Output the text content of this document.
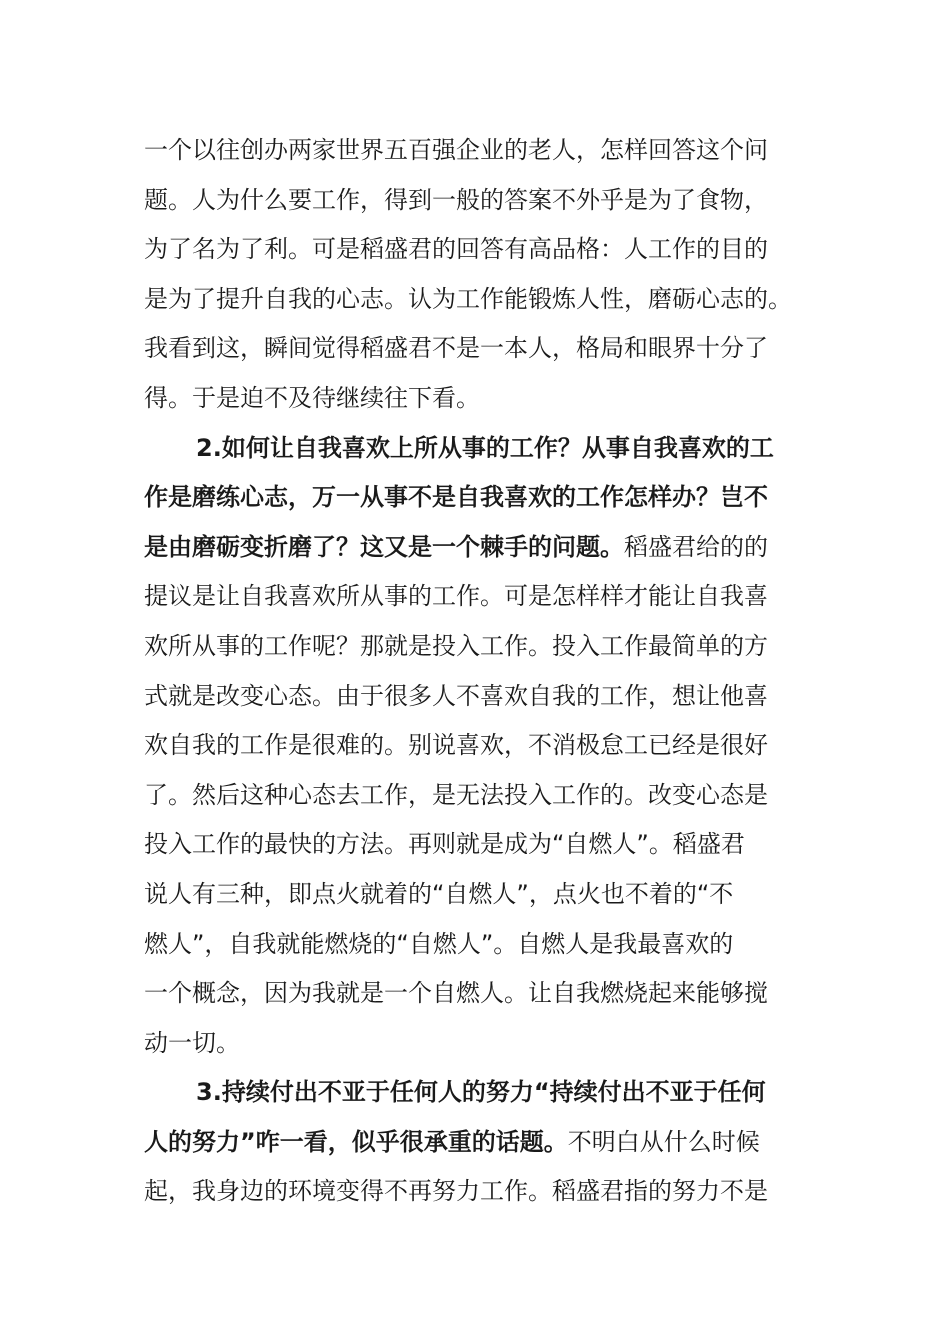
一个以往创办两家世界五百强企业的老人，怎样回答这个问
题。人为什么要工作，得到一般的答案不外乎是为了食物，
为了名为了利。可是稻盛君的回答有高品格：人工作的目的
是为了提升自我的心志。认为工作能锻炼人性，磨砺心志的。
我看到这，瞬间觉得稻盛君不是一本人，格局和眼界十分了
得。于是迫不及待继续往下看。
2.如何让自我喜欢上所从事的工作？从事自我喜欢的工
作是磨练心志，万一从事不是自我喜欢的工作怎样办？岂不
是由磨砺变折磨了？这又是一个棘手的问题。稻盛君给的的
提议是让自我喜欢所从事的工作。可是怎样样才能让自我喜
欢所从事的工作呢？那就是投入工作。投入工作最简单的方
式就是改变心态。由于很多人不喜欢自我的工作，想让他喜
欢自我的工作是很难的。别说喜欢，不消极怠工已经是很好
了。然后这种心态去工作，是无法投入工作的。改变心态是
投入工作的最快的方法。再则就是成为“自燃人”。稻盛君
说人有三种，即点火就着的“自燃人”，点火也不着的“不
燃人”，自我就能燃烧的“自燃人”。自燃人是我最喜欢的
一个概念，因为我就是一个自燃人。让自我燃烧起来能够搅
动一切。
3.持续付出不亚于任何人的努力“持续付出不亚于任何
人的努力”咋一看，似乎很承重的话题。不明白从什么时候
起，我身边的环境变得不再努力工作。稻盛君指的努力不是
